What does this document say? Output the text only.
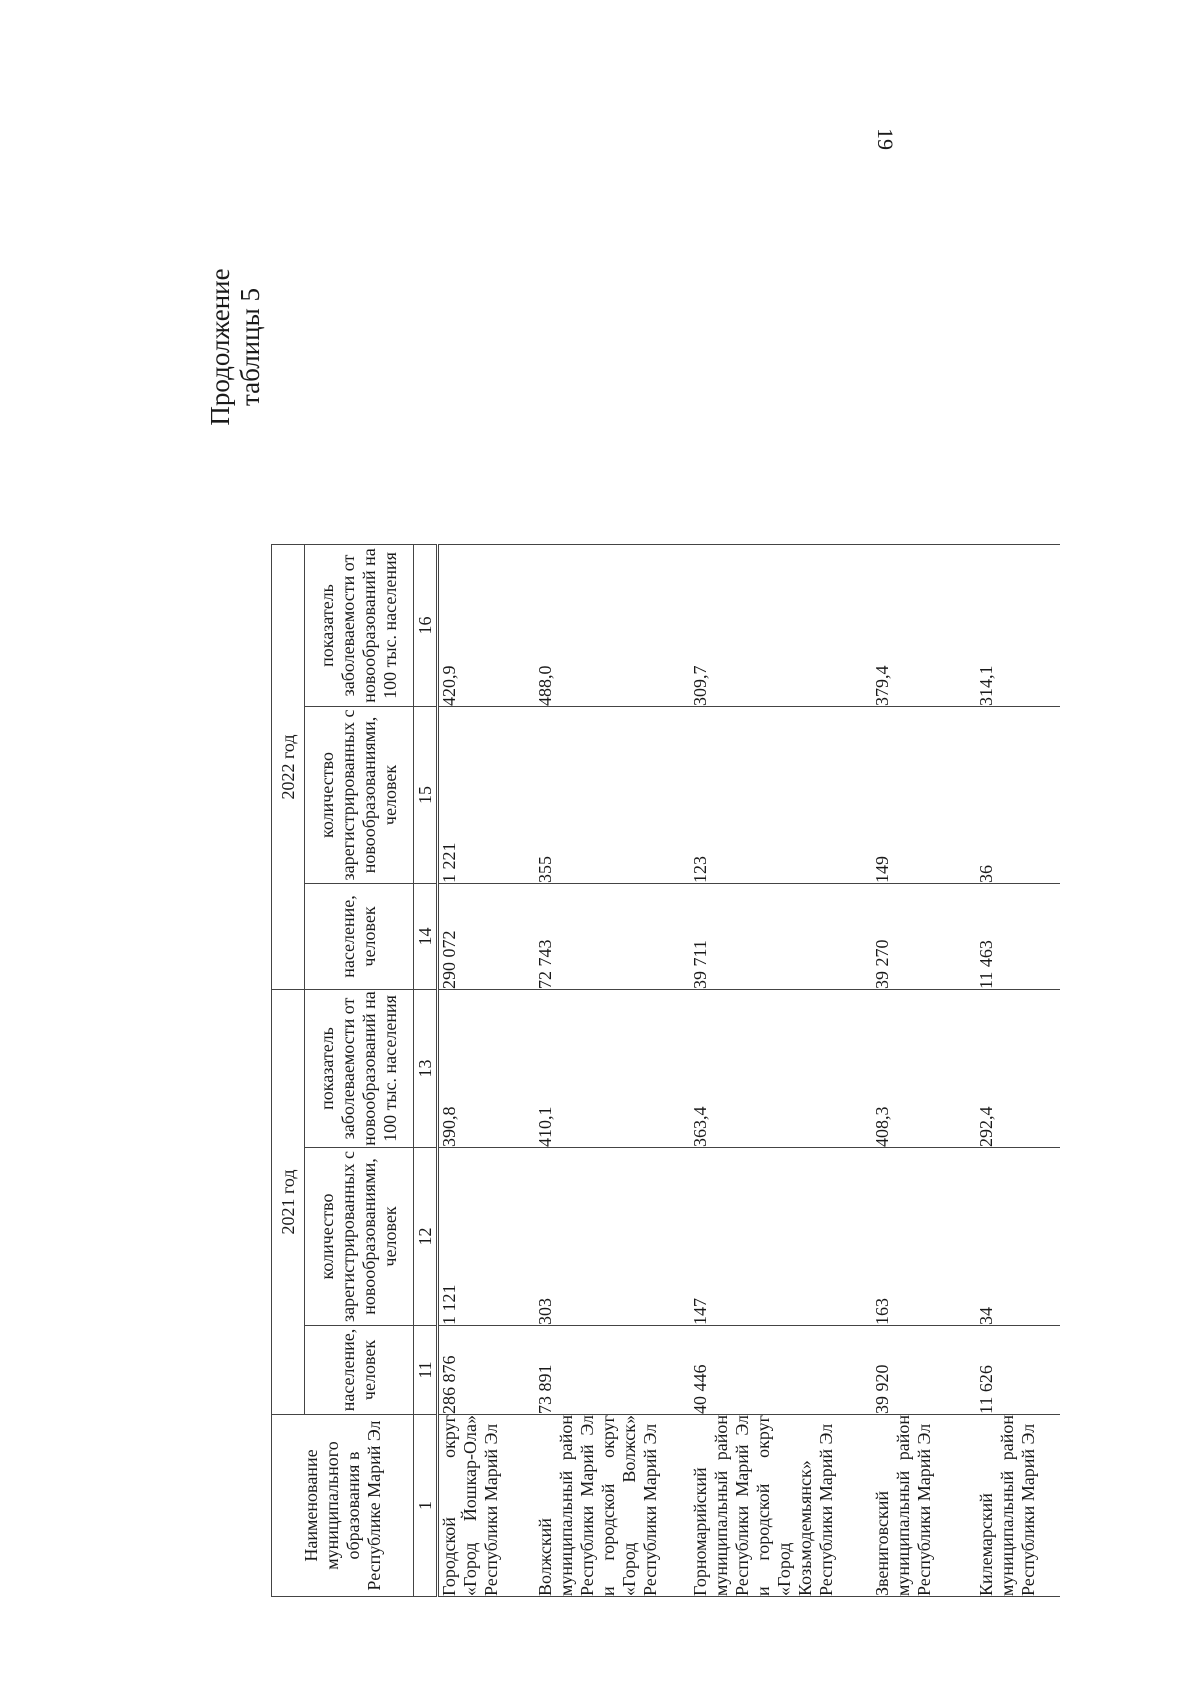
19
Продолжение таблицы 5
Наименование муниципального образования в Республике Марий Эл	2021 год			2022 год		
	население, человек	количество зарегистрированных с новообразованиями, человек	показатель заболеваемости от новообразований на 100 тыс. населения	население, человек	количество зарегистрированных с новообразованиями, человек	показатель заболеваемости от новообразований на 100 тыс. населения
1	11	12	13	14	15	16
Городской округ «Город Йошкар-Ола» Республики Марий Эл	286 876	1 121	390,8	290 072	1 221	420,9
Волжский муниципальный район Республики Марий Эл и городской округ «Город Волжск» Республики Марий Эл	73 891	303	410,1	72 743	355	488,0
Горномарийский муниципальный район Республики Марий Эл и городской округ «Город Козьмодемьянск» Республики Марий Эл	40 446	147	363,4	39 711	123	309,7
Звениговский муниципальный район Республики Марий Эл	39 920	163	408,3	39 270	149	379,4
Килемарский муниципальный район Республики Марий Эл	11 626	34	292,4	11 463	36	314,1
